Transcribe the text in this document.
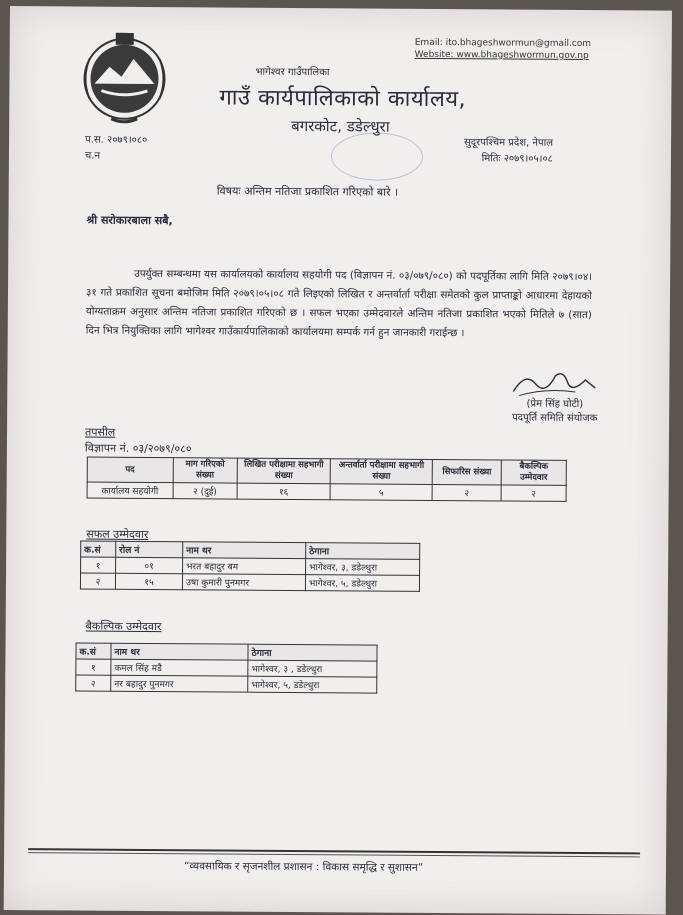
Email: ito.bhageshwormun@gmail.com
Website: www.bhageshwormun.gov.np
भागेश्वर गाउँपालिका
गाउँ कार्यपालिकाको कार्यालय,
बगरकोट, डडेल्धुरा
प.स. २०७९।०८०
च.न
सुदूरपश्चिम प्रदेश, नेपाल
मितिः २०७९।०५।०८
विषयः अन्तिम नतिजा प्रकाशित गरिएको बारे ।
श्री सरोकारबाला सबै,
उपर्युक्त सम्बन्धमा यस कार्यालयको कार्यालय सहयोगी पद (विज्ञापन नं. ०३/०७९/०८०) को पदपूर्तिका लागि मिति २०७९।०४।३१ गते प्रकाशित सूचना बमोजिम मिति २०७९।०५।०८ गते लिइएको लिखित र अन्तर्वार्ता परीक्षा समेतको कुल प्राप्ताङ्को आधारमा देहायको योग्यताक्रम अनुसार अन्तिम नतिजा प्रकाशित गरिएको छ । सफल भएका उम्मेदवारले अन्तिम नतिजा प्रकाशित भएको मितिले ७ (सात) दिन भित्र नियुक्तिका लागि भागेश्वर गाउँकार्यपालिकाको कार्यालयमा सम्पर्क गर्न हुन जानकारी गराईन्छ ।
(प्रेम सिंह घोटी)
पदपूर्ति समिति संयोजक
तपसील
विज्ञापन नं. ०३/२०७९/०८०
पद	माग गरिएको संख्या	लिखित परीक्षामा सहभागी संख्या	अन्तर्वार्ता परीक्षामा सहभागी संख्या	सिफारिस संख्या	बैकल्पिक उम्मेदवार
कार्यालय सहयोगी	२ (दुई)	१६	५	२	२
सफल उम्मेदवार
क.सं	रोल नं	नाम थर	ठेगाना
१	०१	भरत बहादुर बम	भागेश्वर, ३, डडेल्धुरा
२	१५	उषा कुमारी पुनमगर	भागेश्वर, ५, डडेल्धुरा
बैकल्पिक उम्मेदवार
क.सं	नाम थर	ठेगाना
१	कमल सिंह मडै	भागेश्वर, ३ , डडेल्धुरा
२	नर बहादुर पुनमगर	भागेश्वर, ५, डडेल्धुरा
“व्यवसायिक र सृजनशील प्रशासन : विकास समृद्धि र सुशासन”
